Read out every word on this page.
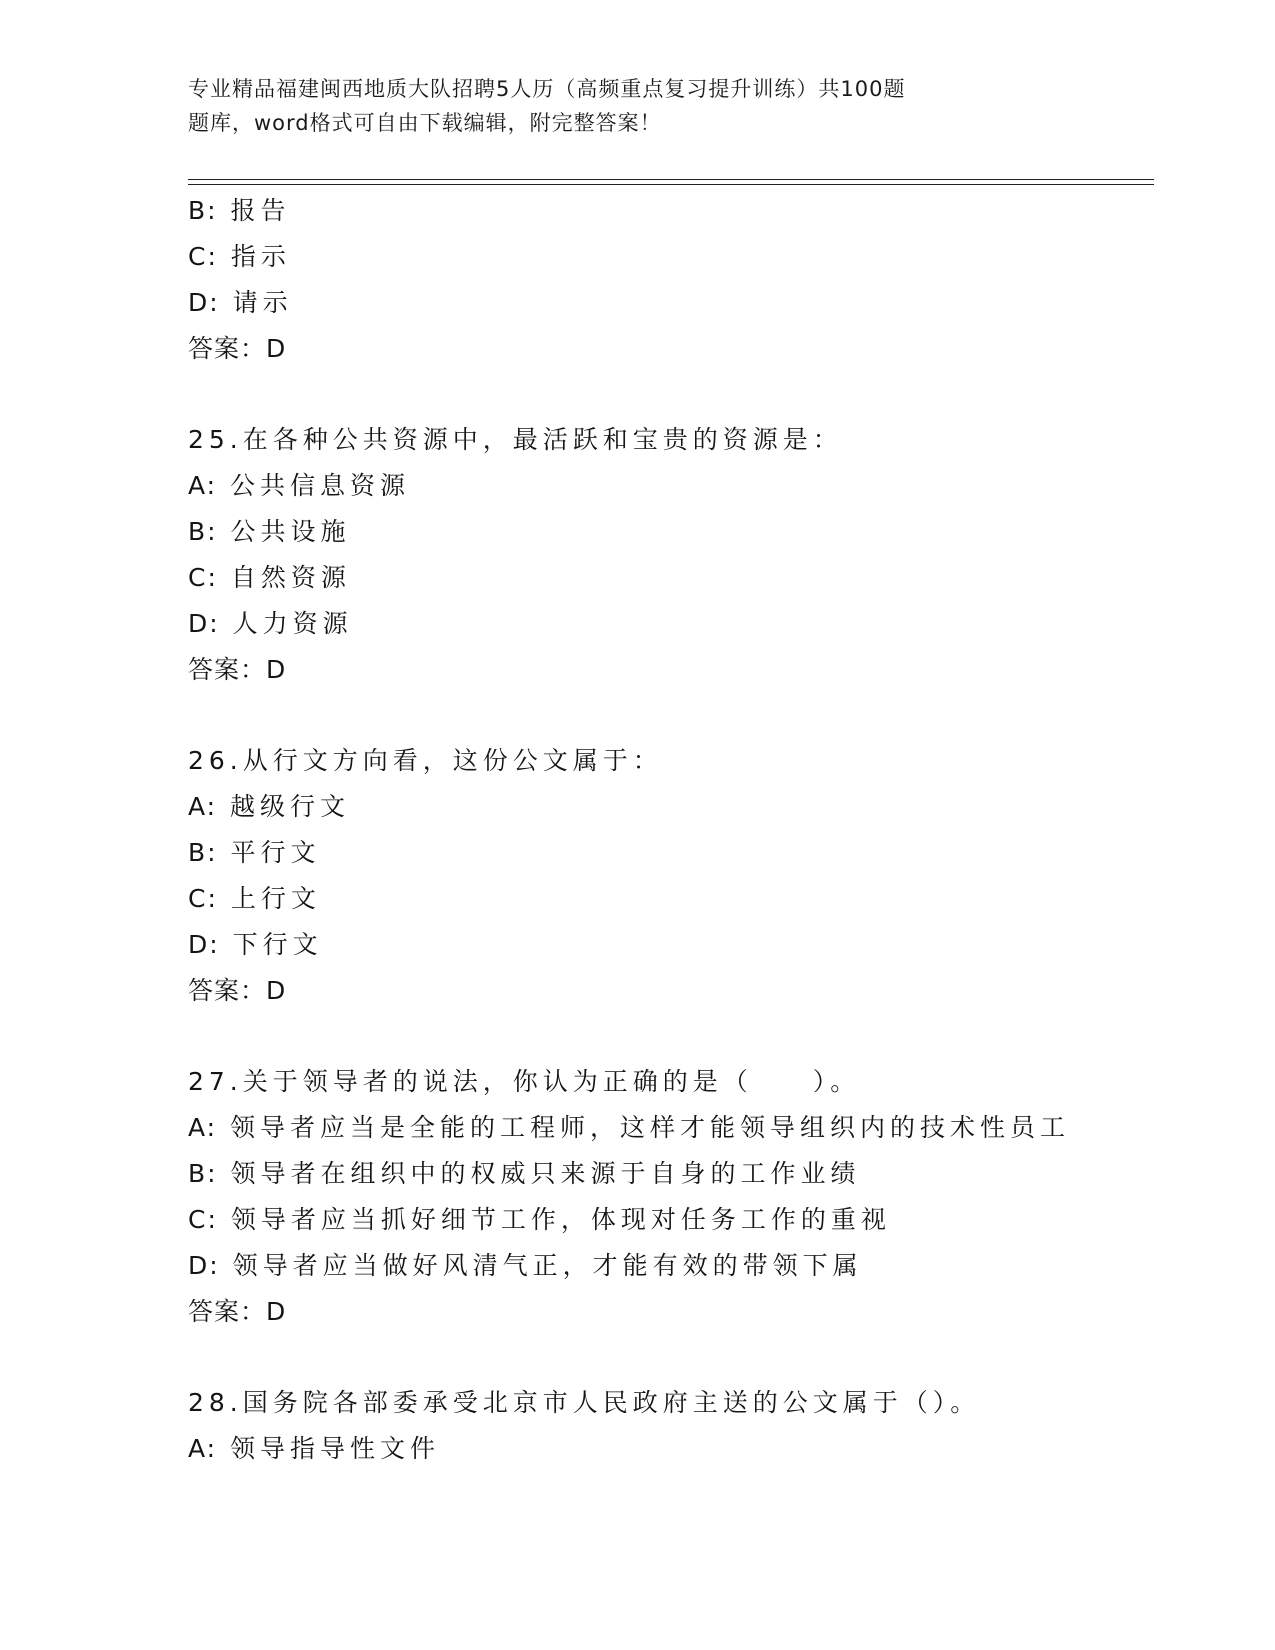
专业精品福建闽西地质大队招聘5人历（高频重点复习提升训练）共100题
题库，word格式可自由下载编辑，附完整答案！
B: 报告
C: 指示
D: 请示
答案：D
25.在各种公共资源中，最活跃和宝贵的资源是：
A: 公共信息资源
B: 公共设施
C: 自然资源
D: 人力资源
答案：D
26.从行文方向看，这份公文属于：
A: 越级行文
B: 平行文
C: 上行文
D: 下行文
答案：D
27.关于领导者的说法，你认为正确的是（　　）。
A: 领导者应当是全能的工程师，这样才能领导组织内的技术性员工
B: 领导者在组织中的权威只来源于自身的工作业绩
C: 领导者应当抓好细节工作，体现对任务工作的重视
D: 领导者应当做好风清气正，才能有效的带领下属
答案：D
28.国务院各部委承受北京市人民政府主送的公文属于（）。
A: 领导指导性文件
